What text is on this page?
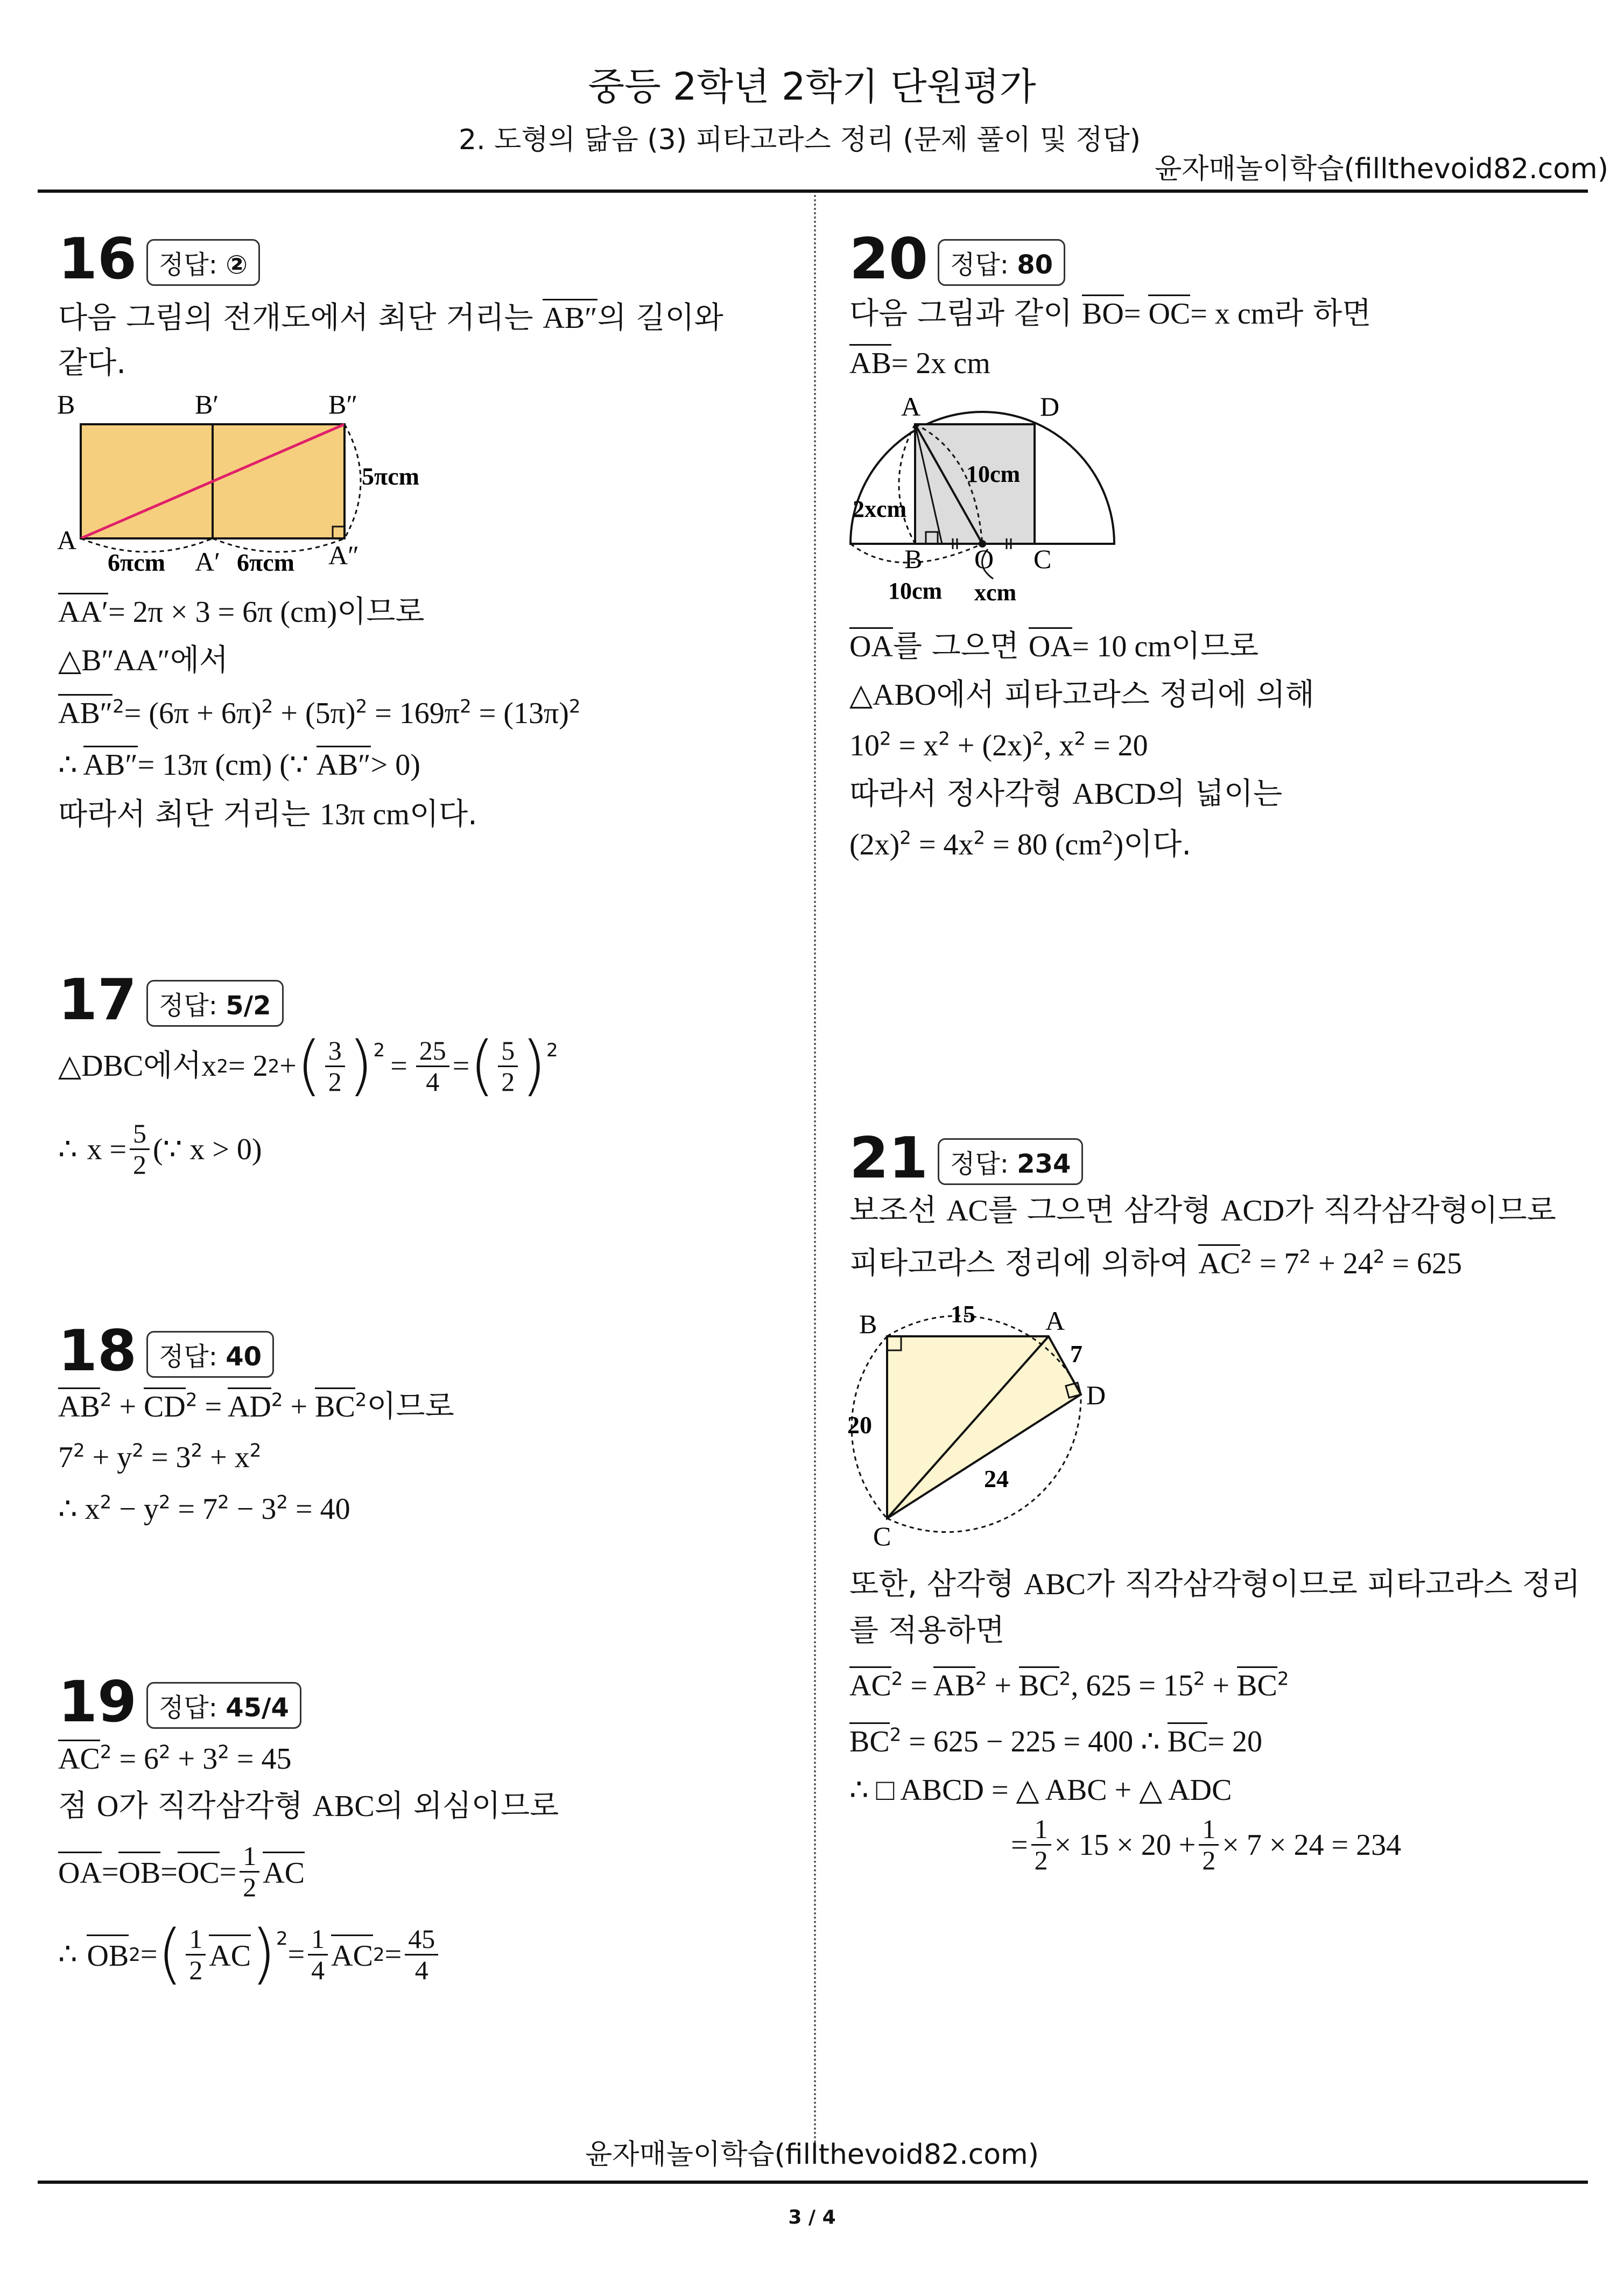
중등 2학년 2학기 단원평가
2. 도형의 닮음 (3) 피타고라스 정리 (문제 풀이 및 정답)
윤자매놀이학습(fillthevoid82.com)
16 정답: ②
다음 그림의 전개도에서 최단 거리는 AB″의 길이와
같다.
B	B′	B″
A
A′	A″
5πcm
6πcm	6πcm
AA′= 2π × 3 = 6π (cm)이므로
△B″AA″에서
$AB''^2= (6\pi + 6\pi)^2 + (5\pi)^2 = 169\pi^2 = (13\pi)^2$
∴ AB″= 13π (cm) (∵ AB″> 0)
따라서 최단 거리는 13π cm이다.
17 정답: 5/2
△DBC 에서 x 2 = 2 2 + ( $\frac{3}{2} )^2 = \frac{25}{4}$ = ( $\frac{5}{2} )^2$
∴
$x = \frac{5}{2}$ (∵ x > 0)
18 정답: 40
$AB^2 + CD^2 = AD^2 + BC^2$이므로
$7^2 + y^2 = 3^2 + x^2$
∴ $x^2 - y^2 = 7^2 - 3^2 = 40$
19 정답: 45/4
$AC^2 = 6^2 + 3^2 = 45$
점 O가 직각삼각형 ABC의 외심이므로
OA = OB = OC = $\frac{1}{2}$ AC
∴
OB 2 = ( $\frac{1}{2}$ AC )$^2 = \frac{1}{4}$ AC $2 = \frac{45}{4}$
20 정답: 80
다음 그림과 같이 BO= OC= x cm라 하면
AB= 2x cm
A	D
B O C
10cm
2xcm
10cm xcm
OA를 그으면 OA= 10 cm이므로
△ABO에서 피타고라스 정리에 의해
$10^2 = x^2 + (2x)^2$, $x^2 = 20$
따라서 정사각형 ABCD의 넓이는
$(2x)^2 = 4x^2 = 80$ $(cm^2)$이다.
21 정답: 234
보조선 AC를 그으면 삼각형 ACD가 직각삼각형이므로
피타고라스 정리에 의하여 $AC^2 = 7^2 + 24^2 = 625$
B	A
D
C
15
7
20
24
또한, 삼각형 ABC가 직각삼각형이므로 피타고라스 정리
를 적용하면
$AC^2 = AB^2 + BC^2$, $625 = 15^2 + BC^2$
$BC^2 = 625 - 225 = 400$ ∴ BC= 20
∴ □ ABCD = △ ABC + △ ADC
= $\frac{1}{2} \times 15 \times 20 + \frac{1}{2} \times 7 \times 24 = 234$
윤자매놀이학습(fillthevoid82.com)
3 / 4
